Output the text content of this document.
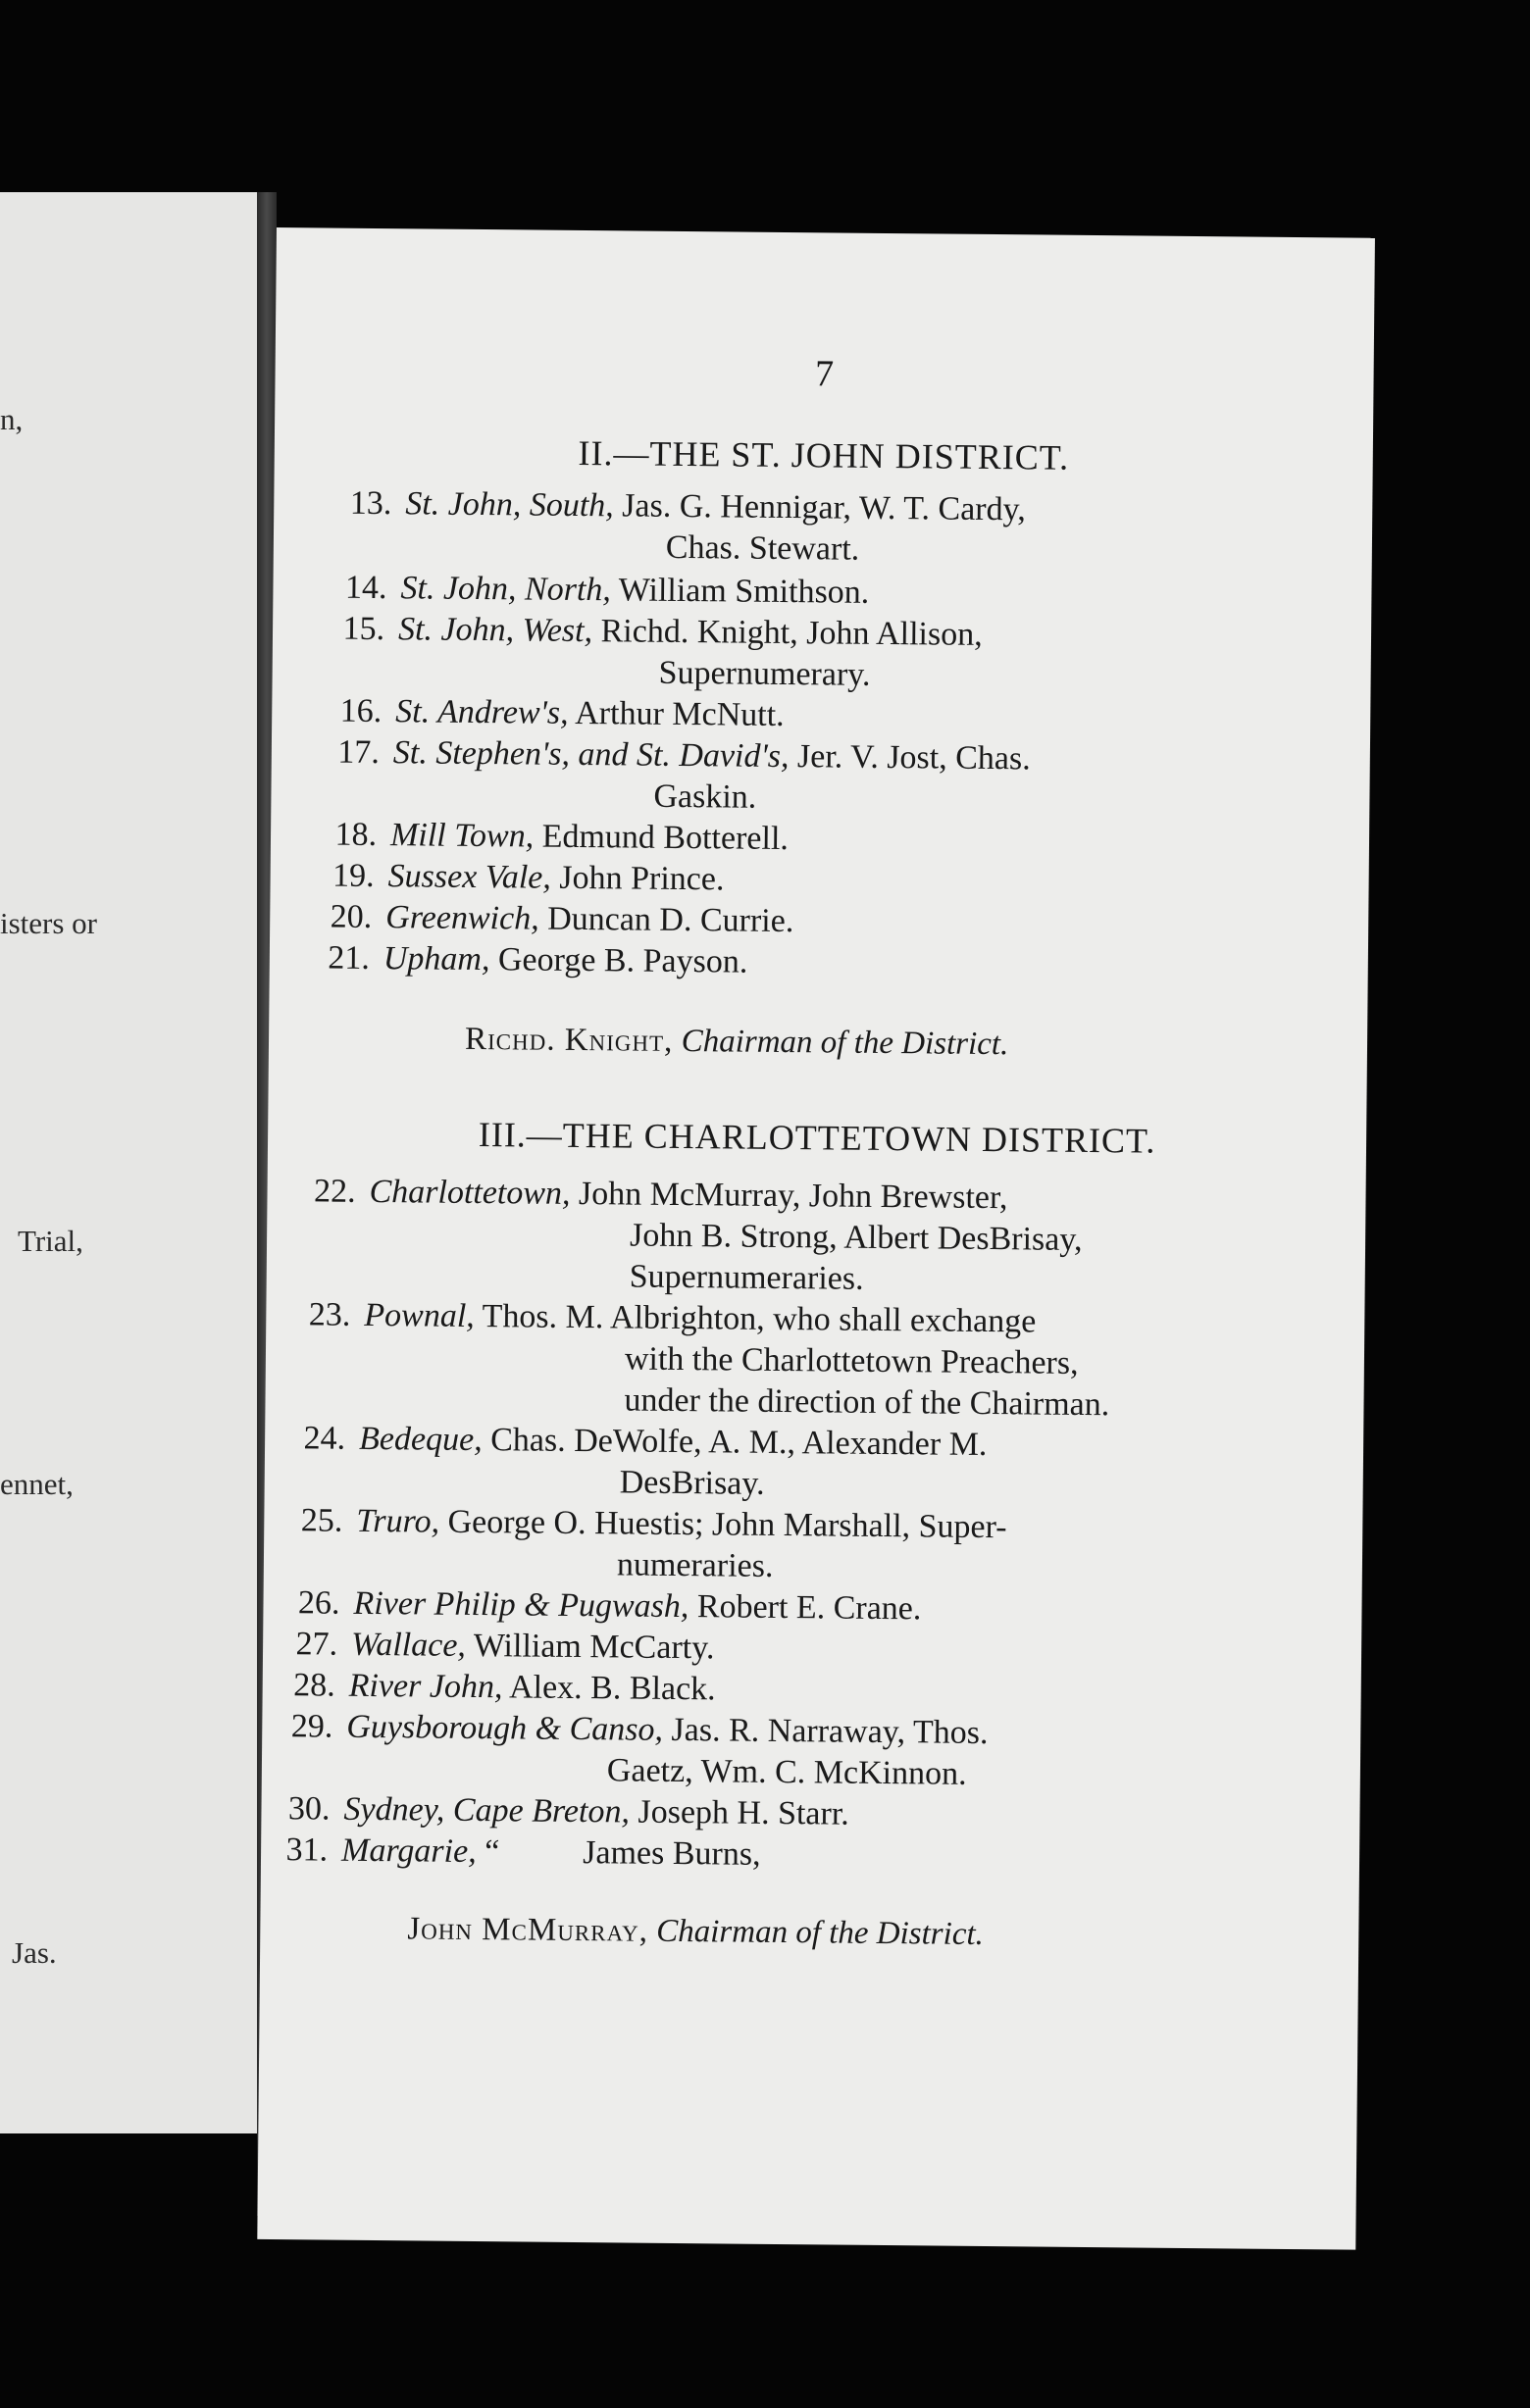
n,
isters or
Trial,
ennet,
Jas.
7
II.—THE ST. JOHN DISTRICT.
13. St. John, South, Jas. G. Hennigar, W. T. Cardy,
Chas. Stewart.
14. St. John, North, William Smithson.
15. St. John, West, Richd. Knight, John Allison,
Supernumerary.
16. St. Andrew's, Arthur McNutt.
17. St. Stephen's, and St. David's, Jer. V. Jost, Chas.
Gaskin.
18. Mill Town, Edmund Botterell.
19. Sussex Vale, John Prince.
20. Greenwich, Duncan D. Currie.
21. Upham, George B. Payson.
Richd. Knight, Chairman of the District.
III.—THE CHARLOTTETOWN DISTRICT.
22. Charlottetown, John McMurray, John Brewster,
John B. Strong, Albert DesBrisay,
Supernumeraries.
23. Pownal, Thos. M. Albrighton, who shall exchange
with the Charlottetown Preachers,
under the direction of the Chairman.
24. Bedeque, Chas. DeWolfe, A. M., Alexander M.
DesBrisay.
25. Truro, George O. Huestis; John Marshall, Super-
numeraries.
26. River Philip & Pugwash, Robert E. Crane.
27. Wallace, William McCarty.
28. River John, Alex. B. Black.
29. Guysborough & Canso, Jas. R. Narraway, Thos.
Gaetz, Wm. C. McKinnon.
30. Sydney, Cape Breton, Joseph H. Starr.
31. Margarie, “          James Burns,
John McMurray, Chairman of the District.
